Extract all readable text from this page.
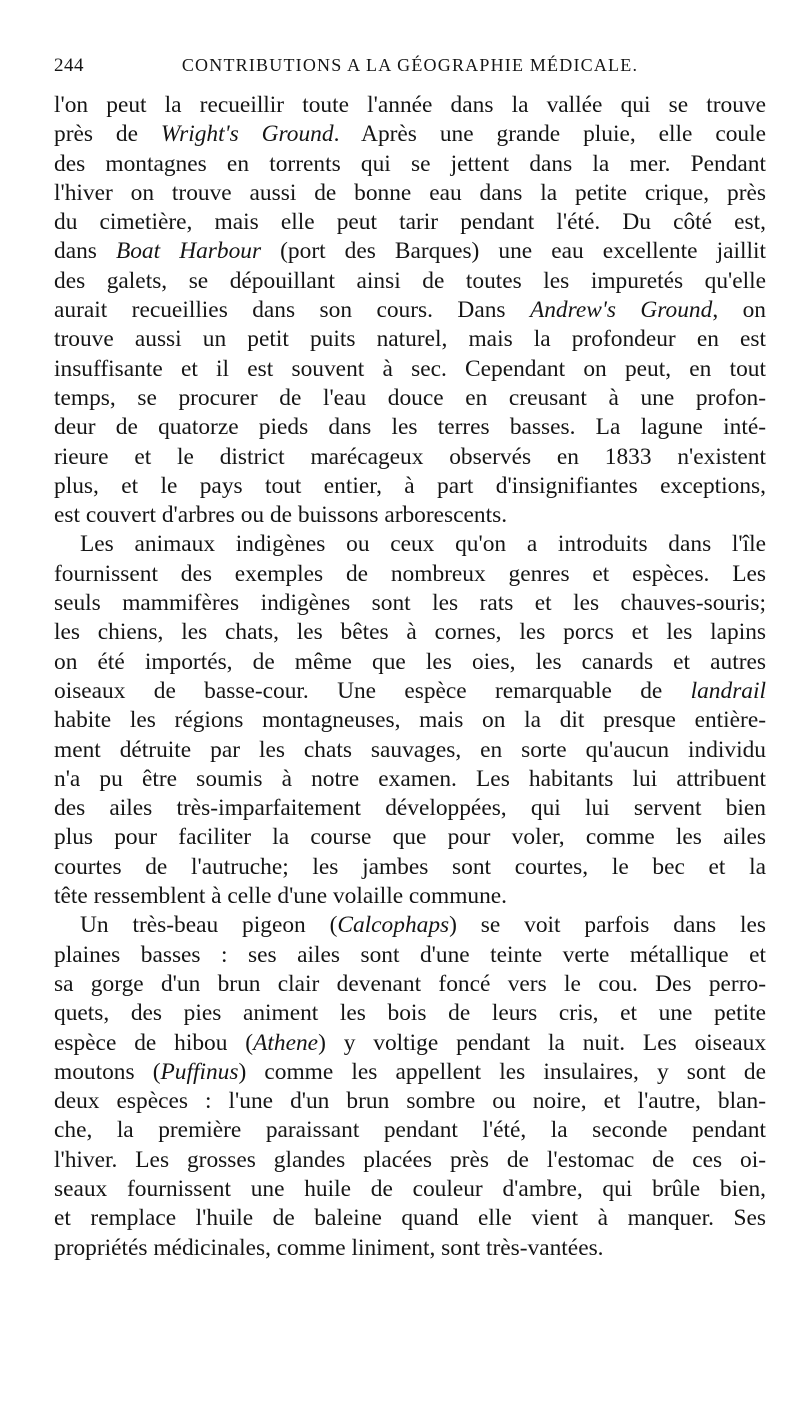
244	CONTRIBUTIONS A LA GÉOGRAPHIE MÉDICALE.
l'on peut la recueillir toute l'année dans la vallée qui se trouve
près de Wright's Ground. Après une grande pluie, elle coule
des montagnes en torrents qui se jettent dans la mer. Pendant
l'hiver on trouve aussi de bonne eau dans la petite crique, près
du cimetière, mais elle peut tarir pendant l'été. Du côté est,
dans Boat Harbour (port des Barques) une eau excellente jaillit
des galets, se dépouillant ainsi de toutes les impuretés qu'elle
aurait recueillies dans son cours. Dans Andrew's Ground, on
trouve aussi un petit puits naturel, mais la profondeur en est
insuffisante et il est souvent à sec. Cependant on peut, en tout
temps, se procurer de l'eau douce en creusant à une profon-
deur de quatorze pieds dans les terres basses. La lagune inté-
rieure et le district marécageux observés en 1833 n'existent
plus, et le pays tout entier, à part d'insignifiantes exceptions,
est couvert d'arbres ou de buissons arborescents.
Les animaux indigènes ou ceux qu'on a introduits dans l'île
fournissent des exemples de nombreux genres et espèces. Les
seuls mammifères indigènes sont les rats et les chauves-souris;
les chiens, les chats, les bêtes à cornes, les porcs et les lapins
on été importés, de même que les oies, les canards et autres
oiseaux de basse-cour. Une espèce remarquable de landrail
habite les régions montagneuses, mais on la dit presque entière-
ment détruite par les chats sauvages, en sorte qu'aucun individu
n'a pu être soumis à notre examen. Les habitants lui attribuent
des ailes très-imparfaitement développées, qui lui servent bien
plus pour faciliter la course que pour voler, comme les ailes
courtes de l'autruche; les jambes sont courtes, le bec et la
tête ressemblent à celle d'une volaille commune.
Un très-beau pigeon (Calcophaps) se voit parfois dans les
plaines basses : ses ailes sont d'une teinte verte métallique et
sa gorge d'un brun clair devenant foncé vers le cou. Des perro-
quets, des pies animent les bois de leurs cris, et une petite
espèce de hibou (Athene) y voltige pendant la nuit. Les oiseaux
moutons (Puffinus) comme les appellent les insulaires, y sont de
deux espèces : l'une d'un brun sombre ou noire, et l'autre, blan-
che, la première paraissant pendant l'été, la seconde pendant
l'hiver. Les grosses glandes placées près de l'estomac de ces oi-
seaux fournissent une huile de couleur d'ambre, qui brûle bien,
et remplace l'huile de baleine quand elle vient à manquer. Ses
propriétés médicinales, comme liniment, sont très-vantées.
